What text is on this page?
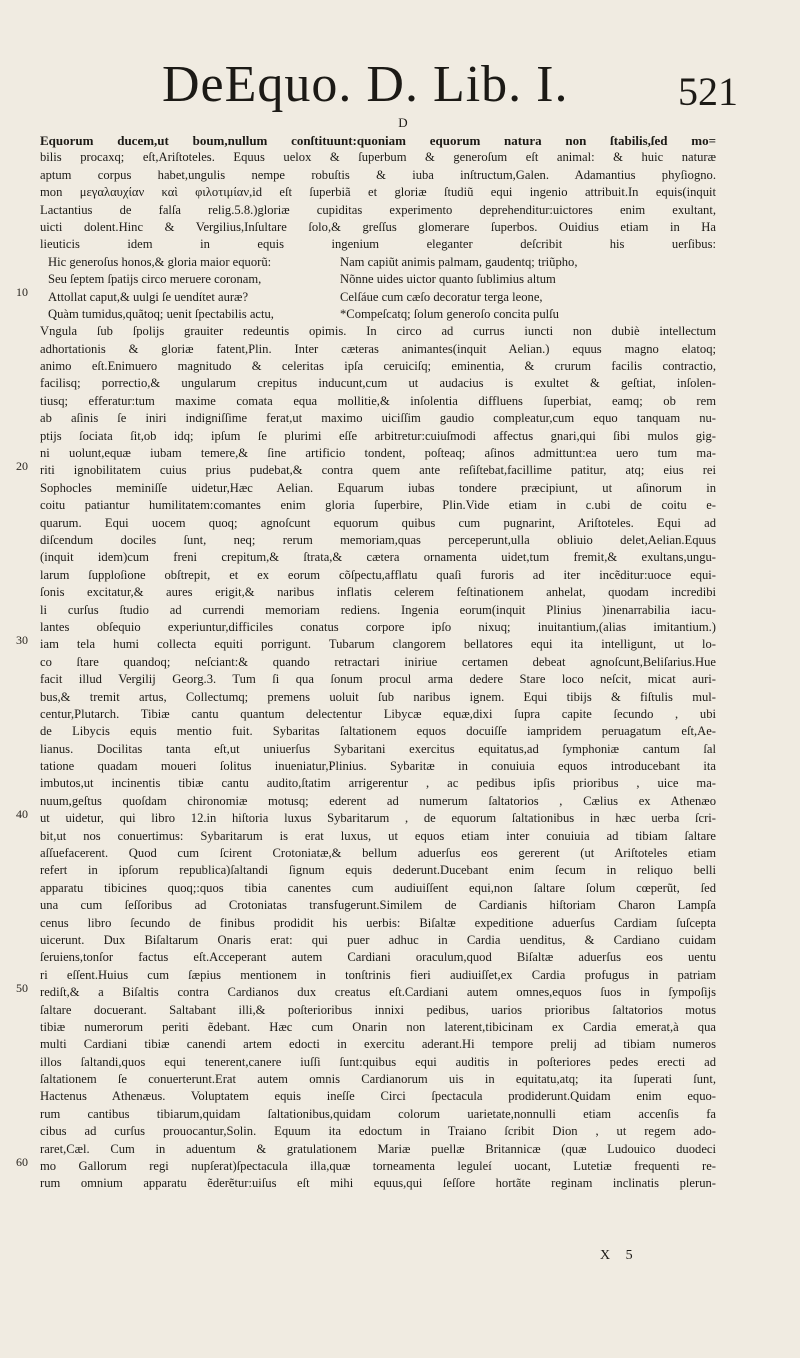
DeEquo. D. Lib. I.	521
D
Equorum ducem,ut boum,nullum conſtituunt:quoniam equorum natura non ſtabilis,ſed mo=
bilis procaxq; eſt,Ariſtoteles. Equus uelox & ſuperbum & generoſum eſt animal: & huic naturæ
aptum corpus habet,ungulis nempe robuſtis & iuba inſtructum,Galen. Adamantius phyſiogno.
mon μεγαλαυχίαν καὶ φιλοτιμίαν,id eſt ſuperbiã et gloriæ ſtudiũ equi ingenio attribuit.In equis(inquit
Lactantius de falſa relig.5.8.)gloriæ cupiditas experimento deprehenditur:uictores enim exultant,
uicti dolent.Hinc & Vergilius,Inſultare ſolo,& greſſus glomerare ſuperbos. Ouidius etiam in Ha
lieuticis idem in equis ingenium eleganter deſcribit his uerſibus:
Hic generoſus honos,& gloria maior equorũ:	Nam capiũt animis palmam, gaudentq; triũpho,
Seu ſeptem ſpatijs circo meruere coronam,	Nõnne uides uictor quanto ſublimius altum
Attollat caput,& uulgi ſe uendítet auræ?	Celſáue cum cæſo decoratur terga leone,
Quàm tumidus,quãtoq; uenit ſpectabilis actu,	*Compeſcatq; ſolum generoſo concita pulſu
Vngula ſub ſpolijs grauiter redeuntis opimis. In circo ad currus iuncti non dubiè intellectum
adhortationis & gloriæ fatent,Plin. Inter cæteras animantes(inquit Aelian.) equus magno elatoq;
animo eſt.Enimuero magnitudo & celeritas ipſa ceruiciſq; eminentia, & crurum facilis contractio,
facilisq; porrectio,& ungularum crepitus inducunt,cum ut audacius is exultet & geſtiat, inſolen-
tiusq; efferatur:tum maxime comata equa mollitie,& inſolentia diffluens ſuperbiat, eamq; ob rem
ab aſinis ſe iniri indigniſſime ferat,ut maximo uiciſſim gaudio compleatur,cum equo tanquam nu-
ptijs ſociata ſit,ob idq; ipſum ſe plurimi eſſe arbitretur:cuiuſmodi affectus gnari,qui ſibi mulos gig-
ni uolunt,equæ iubam temere,& ſine artificio tondent, poſteaq; aſinos admittunt:ea uero tum ma-
riti ignobilitatem cuius prius pudebat,& contra quem ante reſiſtebat,facillime patitur, atq; eius rei
Sophocles meminiſſe uidetur,Hæc Aelian. Equarum iubas tondere præcipiunt, ut aſinorum in
coitu patiantur humilitatem:comantes enim gloria ſuperbire, Plin.Vide etiam in c.ubi de coitu e-
quarum. Equi uocem quoq; agnoſcunt equorum quibus cum pugnarint, Ariſtoteles. Equi ad
diſcendum dociles ſunt, neq; rerum memoriam,quas perceperunt,ulla obliuio delet,Aelian.Equus
(inquit idem)cum freni crepitum,& ſtrata,& cætera ornamenta uidet,tum fremit,& exultans,ungu-
larum ſupploſione obſtrepit, et ex eorum cõſpectu,afflatu quaſi furoris ad iter incẽditur:uoce equi-
ſonis excitatur,& aures erigit,& naribus inflatis celerem feſtinationem anhelat, quodam incredibi
li curſus ſtudio ad currendi memoriam rediens. Ingenia eorum(inquit Plinius )inenarrabilia iacu-
lantes obſequio experiuntur,difficiles conatus corpore ipſo nixuq; inuitantium,(alias imitantium.)
iam tela humi collecta equiti porrigunt. Tubarum clangorem bellatores equi ita intelligunt, ut lo-
co ſtare quandoq; neſciant:& quando retractari iniriue certamen debeat agnoſcunt,Beliſarius.Hue
facit illud Vergilij Georg.3. Tum ſi qua ſonum procul arma dedere Stare loco neſcit, micat auri-
bus,& tremit artus, Collectumq; premens uoluit ſub naribus ignem. Equi tibijs & fiſtulis mul-
centur,Plutarch. Tibiæ cantu quantum delectentur Libycæ equæ,dixi ſupra capite ſecundo , ubi
de Libycis equis mentio fuit. Sybaritas ſaltationem equos docuiſſe iampridem peruagatum eſt,Ae-
lianus. Docilitas tanta eſt,ut uniuerſus Sybaritani exercitus equitatus,ad ſymphoniæ cantum ſal
tatione quadam moueri ſolitus inueniatur,Plinius. Sybaritæ in conuiuia equos introducebant ita
imbutos,ut incinentis tibiæ cantu audito,ſtatim arrigerentur , ac pedibus ipſis prioribus , uice ma-
nuum,geſtus quoſdam chironomiæ motusq; ederent ad numerum ſaltatorios , Cælius ex Athenæo
ut uidetur, qui libro 12.in hiſtoria luxus Sybaritarum , de equorum ſaltationibus in hæc uerba ſcri-
bit,ut nos conuertimus: Sybaritarum is erat luxus, ut equos etiam inter conuiuia ad tibiam ſaltare
aſſuefacerent. Quod cum ſcirent Crotoniatæ,& bellum aduerſus eos gererent (ut Ariſtoteles etiam
refert in ipſorum republica)ſaltandi ſignum equis dederunt.Ducebant enim ſecum in reliquo belli
apparatu tibicines quoq;:quos tibia canentes cum audiuiſſent equi,non ſaltare ſolum cœperũt, ſed
una cum ſeſſoribus ad Crotoniatas transfugerunt.Similem de Cardianis hiſtoriam Charon Lampſa
cenus libro ſecundo de finibus prodidit his uerbis: Biſaltæ expeditione aduerſus Cardiam ſuſcepta
uicerunt. Dux Biſaltarum Onaris erat: qui puer adhuc in Cardia uenditus, & Cardiano cuidam
ſeruiens,tonſor factus eſt.Acceperant autem Cardiani oraculum,quod Biſaltæ aduerſus eos uentu
ri eſſent.Huius cum ſæpius mentionem in tonſtrinis fieri audiuiſſet,ex Cardia profugus in patriam
rediſt,& a Biſaltis contra Cardianos dux creatus eſt.Cardiani autem omnes,equos ſuos in ſympoſijs
ſaltare docuerant. Saltabant illi,& poſterioribus innixi pedibus, uarios prioribus ſaltatorios motus
tibiæ numerorum periti ẽdebant. Hæc cum Onarin non laterent,tibicinam ex Cardia emerat,à qua
multi Cardiani tibiæ canendi artem edocti in exercitu aderant.Hi tempore prelij ad tibiam numeros
illos ſaltandi,quos equi tenerent,canere iuſſi ſunt:quibus equi auditis in poſteriores pedes erecti ad
ſaltationem ſe conuerterunt.Erat autem omnis Cardianorum uis in equitatu,atq; ita ſuperati ſunt,
Hactenus Athenæus. Voluptatem equis ineſſe Circi ſpectacula prodiderunt.Quidam enim equo-
rum cantibus tibiarum,quidam ſaltationibus,quidam colorum uarietate,nonnulli etiam accenſis fa
cibus ad curſus prouocantur,Solin. Equum ita edoctum in Traiano ſcribit Dion , ut regem ado-
raret,Cæl. Cum in aduentum & gratulationem Mariæ puellæ Britannicæ (quæ Ludouico duodeci
mo Gallorum regi nupſerat)ſpectacula illa,quæ torneamenta leguleí uocant, Lutetiæ frequenti re-
rum omnium apparatu ẽderẽtur:uiſus eſt mihi equus,qui ſeſſore hortãte reginam inclinatis plerun-
10
20
30
40
50
60
X 5
